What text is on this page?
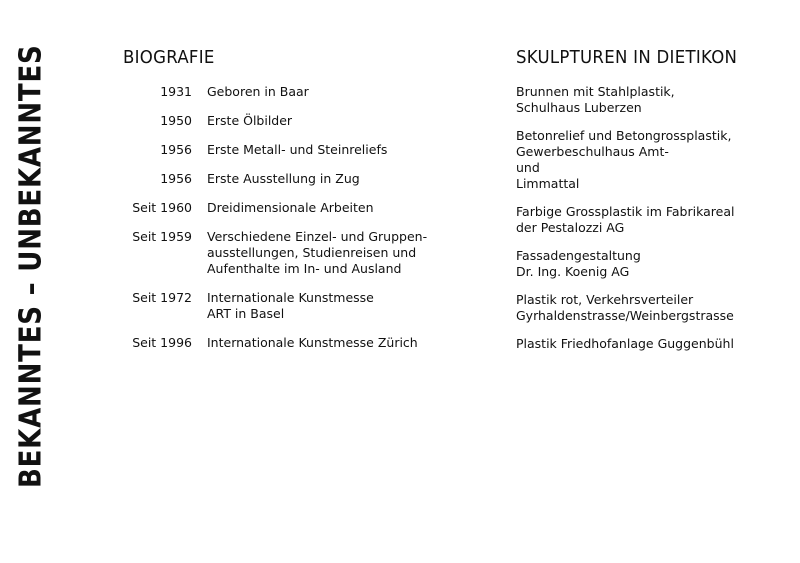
BEKANNTES – UNBEKANNTES	BIOGRAFIE
1931	Geboren in Baar
1950	Erste Ölbilder
1956	Erste Metall- und Steinreliefs
1956	Erste Ausstellung in Zug
Seit 1960	Dreidimensionale Arbeiten
Seit 1959	Verschiedene Einzel- und Gruppen-
ausstellungen, Studienreisen und
Aufenthalte im In- und Ausland
Seit 1972	Internationale Kunstmesse
ART in Basel
Seit 1996	Internationale Kunstmesse Zürich
SKULPTUREN IN DIETIKON
Brunnen mit Stahlplastik,
Schulhaus Luberzen
Betonrelief und Betongrossplastik,
Gewerbeschulhaus Amt-
und
Limmattal
Farbige Grossplastik im Fabrikareal
der Pestalozzi AG
Fassadengestaltung
Dr. Ing. Koenig AG
Plastik rot, Verkehrsverteiler
Gyrhaldenstrasse/Weinbergstrasse
Plastik Friedhofanlage Guggenbühl
